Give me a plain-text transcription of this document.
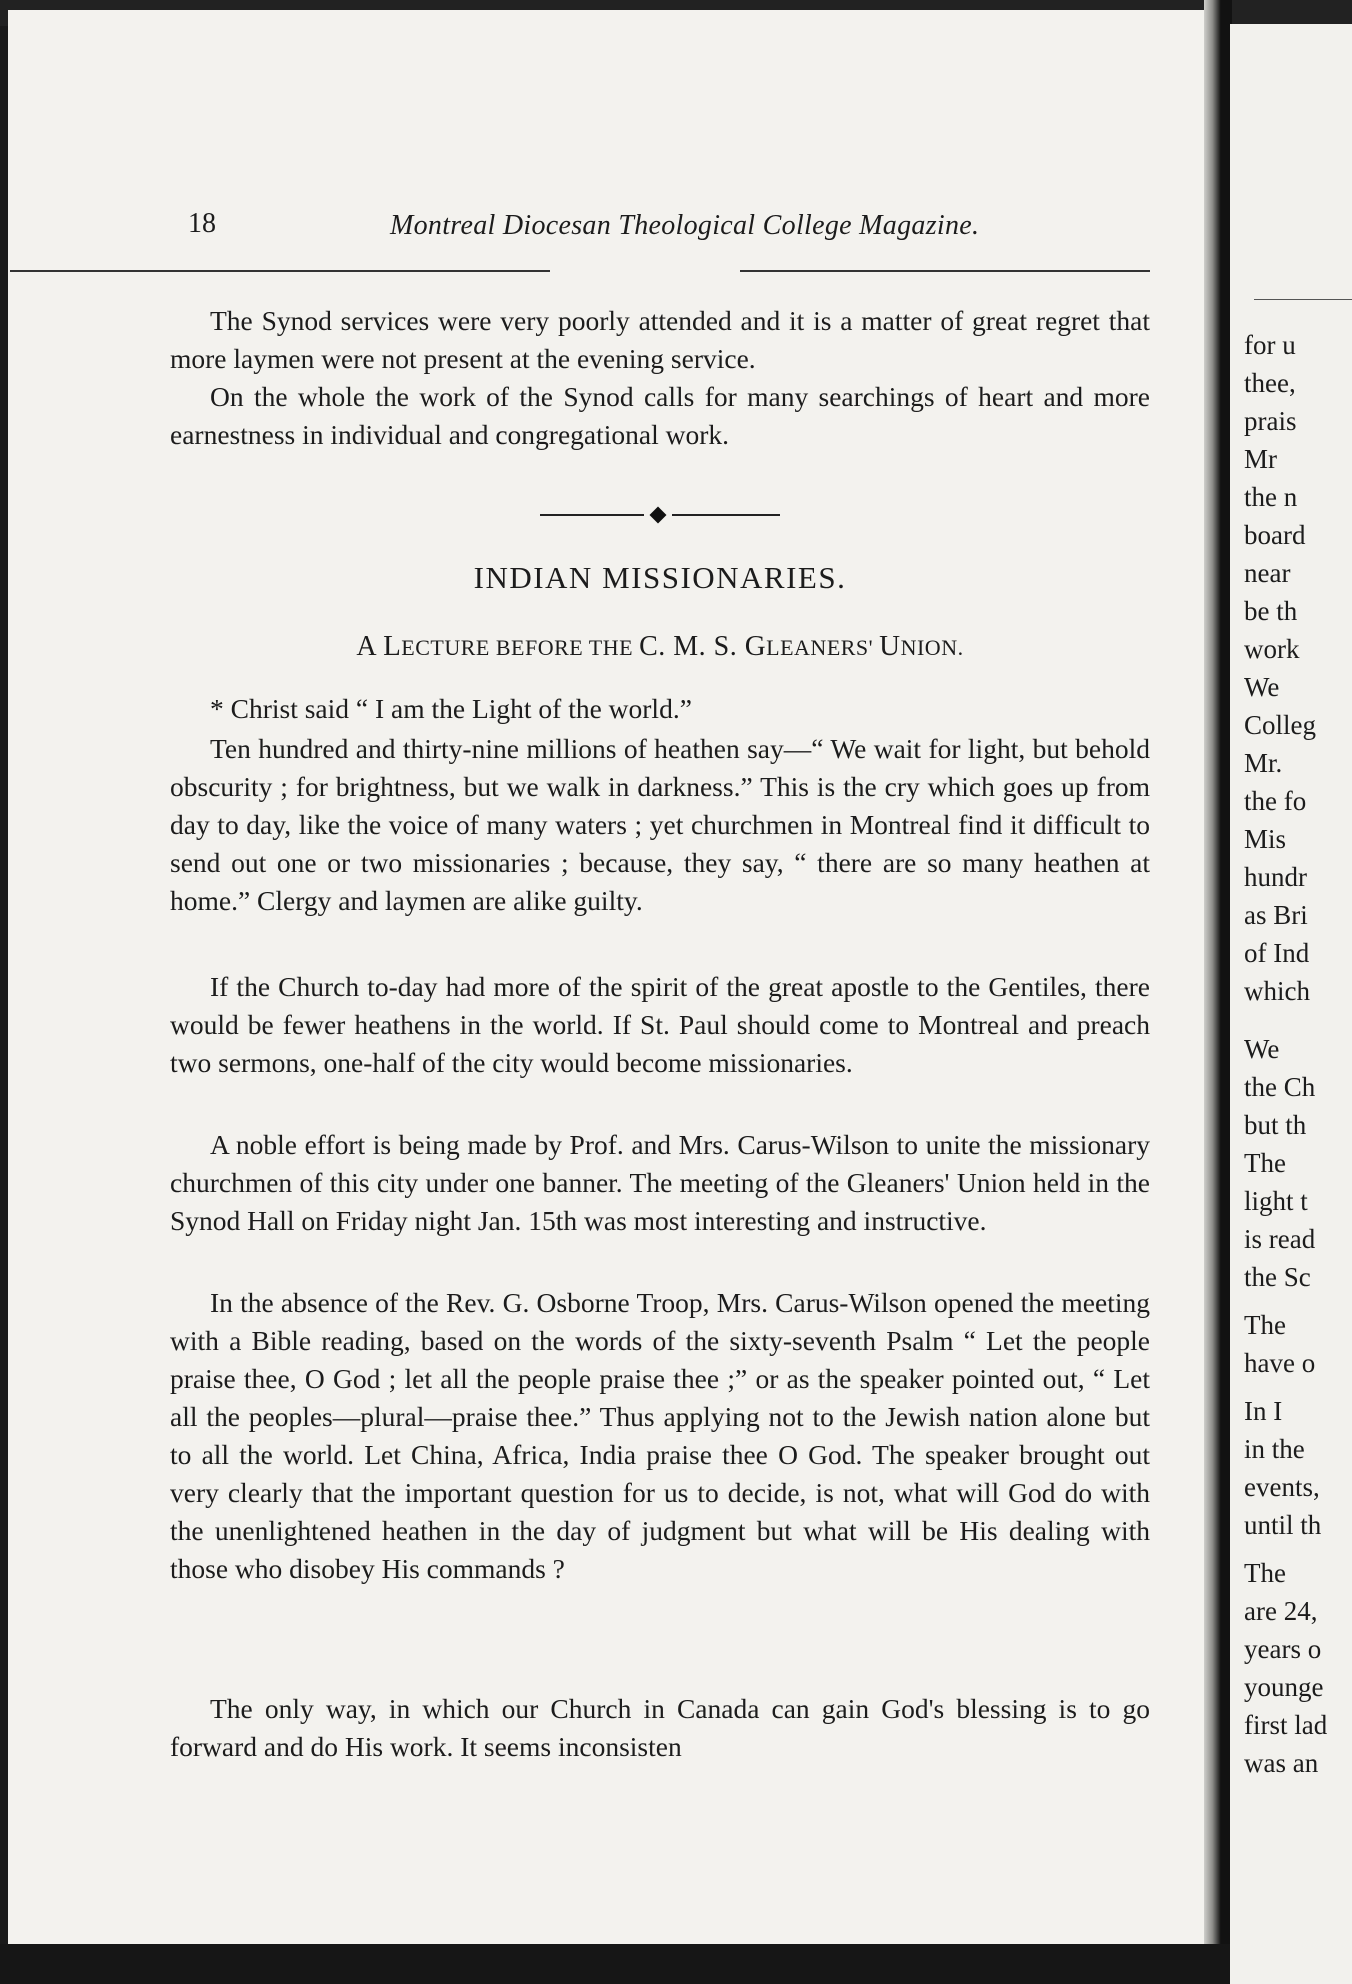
for u
thee,
prais
Mr
the n
board
near
be th
work
We
Colleg
Mr.
the fo
Mis
hundr
as Bri
of Ind
which
We
the Ch
but th
The
light t
is read
the Sc
The
have o
In I
in the
events,
until th
The
are 24,
years o
younge
first lad
was an
18	Montreal Diocesan Theological College Magazine.

The Synod services were very poorly attended and it is a matter of great regret that more laymen were not present at the evening service.

On the whole the work of the Synod calls for many searchings of heart and more earnestness in individual and congregational work.

INDIAN MISSIONARIES.
A LECTURE BEFORE THE C. M. S. GLEANERS' UNION.

* Christ said “ I am the Light of the world.”

Ten hundred and thirty-nine millions of heathen say—“ We wait for light, but behold obscurity ; for brightness, but we walk in darkness.” This is the cry which goes up from day to day, like the voice of many waters ; yet churchmen in Montreal find it difficult to send out one or two missionaries ; because, they say, “ there are so many heathen at home.” Clergy and laymen are alike guilty.

If the Church to-day had more of the spirit of the great apostle to the Gentiles, there would be fewer heathens in the world. If St. Paul should come to Montreal and preach two sermons, one-half of the city would become missionaries.

A noble effort is being made by Prof. and Mrs. Carus-Wilson to unite the missionary churchmen of this city under one banner. The meeting of the Gleaners' Union held in the Synod Hall on Friday night Jan. 15th was most interesting and instructive.

In the absence of the Rev. G. Osborne Troop, Mrs. Carus-Wilson opened the meeting with a Bible reading, based on the words of the sixty-seventh Psalm “ Let the people praise thee, O God ; let all the people praise thee ;” or as the speaker pointed out, “ Let all the peoples—plural—praise thee.” Thus applying not to the Jewish nation alone but to all the world. Let China, Africa, India praise thee O God. The speaker brought out very clearly that the important question for us to decide, is not, what will God do with the unenlightened heathen in the day of judgment but what will be His dealing with those who disobey His commands ?

The only way, in which our Church in Canada can gain God's blessing is to go forward and do His work. It seems inconsisten
